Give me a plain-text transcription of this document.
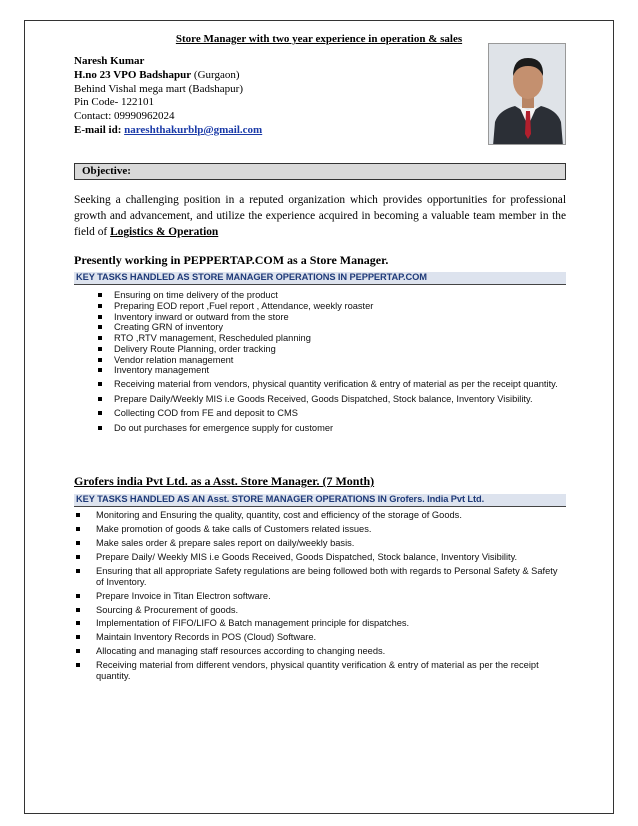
Store Manager with two year experience in operation & sales
Naresh Kumar
H.no 23 VPO Badshapur (Gurgaon)
Behind Vishal mega mart (Badshapur)
Pin Code- 122101
Contact: 09990962024
E-mail id: nareshthakurblp@gmail.com
Objective:
Seeking a challenging position in a reputed organization which provides opportunities for professional growth and advancement, and utilize the experience acquired in becoming a valuable team member in the field of Logistics & Operation
Presently working in PEPPERTAP.COM as a Store Manager.
KEY TASKS HANDLED AS STORE MANAGER OPERATIONS IN PEPPERTAP.COM
Ensuring on time delivery of the product
Preparing EOD report ,Fuel report , Attendance, weekly roaster
Inventory inward or outward from the store
Creating GRN of inventory
RTO ,RTV management, Rescheduled planning
Delivery Route Planning, order tracking
Vendor relation management
Inventory management
Receiving material from vendors, physical quantity verification & entry of material as per the receipt quantity.
Prepare Daily/Weekly MIS i.e Goods Received, Goods Dispatched, Stock balance, Inventory Visibility.
Collecting COD from FE and deposit to CMS
Do out purchases for emergence supply for customer
Grofers india Pvt Ltd. as a Asst. Store Manager. (7 Month)
KEY TASKS HANDLED AS AN Asst. STORE MANAGER OPERATIONS IN Grofers. India Pvt Ltd.
Monitoring and Ensuring the quality, quantity, cost and efficiency of the storage of Goods.
Make promotion of goods & take calls of Customers related issues.
Make sales order & prepare sales report on daily/weekly basis.
Prepare Daily/ Weekly MIS i.e Goods Received, Goods Dispatched, Stock balance, Inventory Visibility.
Ensuring that all appropriate Safety regulations are being followed both with regards to Personal Safety & Safety of Inventory.
Prepare Invoice in Titan Electron software.
Sourcing & Procurement of goods.
Implementation of FIFO/LIFO & Batch management principle for dispatches.
Maintain Inventory Records in POS (Cloud) Software.
Allocating and managing staff resources according to changing needs.
Receiving material from different vendors, physical quantity verification & entry of material as per the receipt quantity.
